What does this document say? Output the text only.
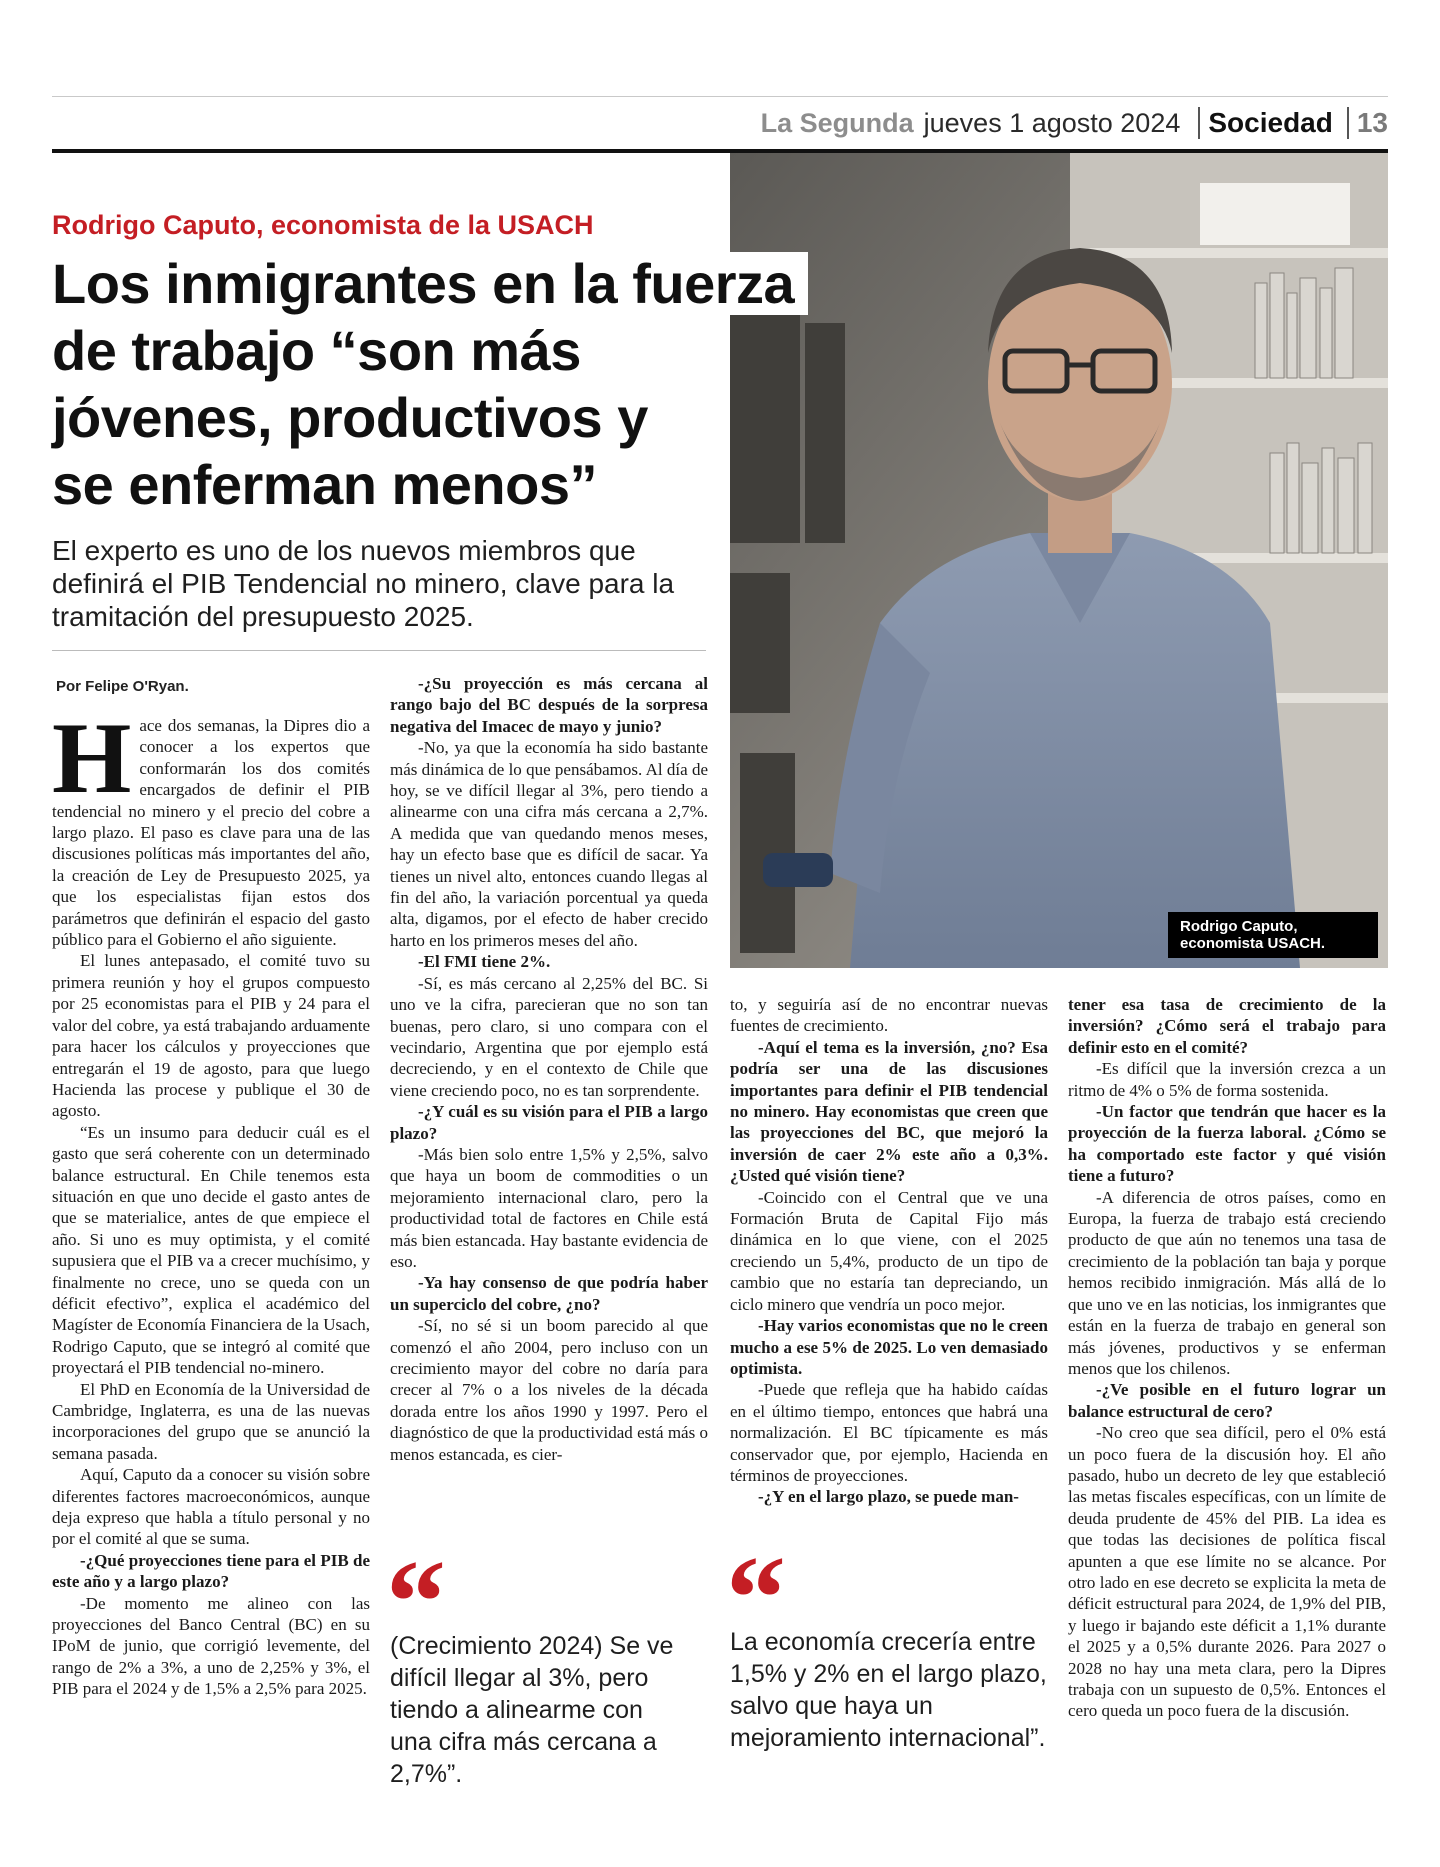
La Segunda jueves 1 agosto 2024 Sociedad 13
Rodrigo Caputo, economista USACH.
Rodrigo Caputo, economista de la USACH
Los inmigrantes en la fuerza
de trabajo “son más
jóvenes, productivos y
se enferman menos”

El experto es uno de los nuevos miembros que definirá el PIB Tendencial no minero, clave para la tramitación del presupuesto 2025.

Por Felipe O'Ryan.

Hace dos semanas, la Dipres dio a conocer a los expertos que conformarán los dos comités encargados de definir el PIB tendencial no minero y el precio del cobre a largo plazo. El paso es clave para una de las discusiones políticas más importantes del año, la creación de Ley de Presupuesto 2025, ya que los especialistas fijan estos dos parámetros que definirán el espacio del gasto público para el Gobierno el año siguiente.

El lunes antepasado, el comité tuvo su primera reunión y hoy el grupos compuesto por 25 economistas para el PIB y 24 para el valor del cobre, ya está trabajando arduamente para hacer los cálculos y proyecciones que entregarán el 19 de agosto, para que luego Hacienda las procese y publique el 30 de agosto.

“Es un insumo para deducir cuál es el gasto que será coherente con un determinado balance estructural. En Chile tenemos esta situación en que uno decide el gasto antes de que se materialice, antes de que empiece el año. Si uno es muy optimista, y el comité supusiera que el PIB va a crecer muchísimo, y finalmente no crece, uno se queda con un déficit efectivo”, explica el académico del Magíster de Economía Financiera de la Usach, Rodrigo Caputo, que se integró al comité que proyectará el PIB tendencial no-minero.

El PhD en Economía de la Universidad de Cambridge, Inglaterra, es una de las nuevas incorporaciones del grupo que se anunció la semana pasada.

Aquí, Caputo da a conocer su visión sobre diferentes factores macroeconómicos, aunque deja expreso que habla a título personal y no por el comité al que se suma.

-¿Qué proyecciones tiene para el PIB de este año y a largo plazo?

-De momento me alineo con las proyecciones del Banco Central (BC) en su IPoM de junio, que corrigió levemente, del rango de 2% a 3%, a uno de 2,25% y 3%, el PIB para el 2024 y de 1,5% a 2,5% para 2025.

-¿Su proyección es más cercana al rango bajo del BC después de la sorpresa negativa del Imacec de mayo y junio?

-No, ya que la economía ha sido bastante más dinámica de lo que pensábamos. Al día de hoy, se ve difícil llegar al 3%, pero tiendo a alinearme con una cifra más cercana a 2,7%. A medida que van quedando menos meses, hay un efecto base que es difícil de sacar. Ya tienes un nivel alto, entonces cuando llegas al fin del año, la variación porcentual ya queda alta, digamos, por el efecto de haber crecido harto en los primeros meses del año.

-El FMI tiene 2%.

-Sí, es más cercano al 2,25% del BC. Si uno ve la cifra, parecieran que no son tan buenas, pero claro, si uno compara con el vecindario, Argentina que por ejemplo está decreciendo, y en el contexto de Chile que viene creciendo poco, no es tan sorprendente.

-¿Y cuál es su visión para el PIB a largo plazo?

-Más bien solo entre 1,5% y 2,5%, salvo que haya un boom de commodities o un mejoramiento internacional claro, pero la productividad total de factores en Chile está más bien estancada. Hay bastante evidencia de eso.

-Ya hay consenso de que podría haber un superciclo del cobre, ¿no?

-Sí, no sé si un boom parecido al que comenzó el año 2004, pero incluso con un crecimiento mayor del cobre no daría para crecer al 7% o a los niveles de la década dorada entre los años 1990 y 1997. Pero el diagnóstico de que la productividad está más o menos estancada, es cier-

“
(Crecimiento 2024) Se ve difícil llegar al 3%, pero tiendo a alinearme con una cifra más cercana a 2,7%”.

to, y seguiría así de no encontrar nuevas fuentes de crecimiento.

-Aquí el tema es la inversión, ¿no? Esa podría ser una de las discusiones importantes para definir el PIB tendencial no minero. Hay economistas que creen que las proyecciones del BC, que mejoró la inversión de caer 2% este año a 0,3%. ¿Usted qué visión tiene?

-Coincido con el Central que ve una Formación Bruta de Capital Fijo más dinámica en lo que viene, con el 2025 creciendo un 5,4%, producto de un tipo de cambio que no estaría tan depreciando, un ciclo minero que vendría un poco mejor.

-Hay varios economistas que no le creen mucho a ese 5% de 2025. Lo ven demasiado optimista.

-Puede que refleja que ha habido caídas en el último tiempo, entonces que habrá una normalización. El BC típicamente es más conservador que, por ejemplo, Hacienda en términos de proyecciones.

-¿Y en el largo plazo, se puede man-

“
La economía crecería entre 1,5% y 2% en el largo plazo, salvo que haya un mejoramiento internacional”.

tener esa tasa de crecimiento de la inversión? ¿Cómo será el trabajo para definir esto en el comité?

-Es difícil que la inversión crezca a un ritmo de 4% o 5% de forma sostenida.

-Un factor que tendrán que hacer es la proyección de la fuerza laboral. ¿Cómo se ha comportado este factor y qué visión tiene a futuro?

-A diferencia de otros países, como en Europa, la fuerza de trabajo está creciendo producto de que aún no tenemos una tasa de crecimiento de la población tan baja y porque hemos recibido inmigración. Más allá de lo que uno ve en las noticias, los inmigrantes que están en la fuerza de trabajo en general son más jóvenes, productivos y se enferman menos que los chilenos.

-¿Ve posible en el futuro lograr un balance estructural de cero?

-No creo que sea difícil, pero el 0% está un poco fuera de la discusión hoy. El año pasado, hubo un decreto de ley que estableció las metas fiscales específicas, con un límite de deuda prudente de 45% del PIB. La idea es que todas las decisiones de política fiscal apunten a que ese límite no se alcance. Por otro lado en ese decreto se explicita la meta de déficit estructural para 2024, de 1,9% del PIB, y luego ir bajando este déficit a 1,1% durante el 2025 y a 0,5% durante 2026. Para 2027 o 2028 no hay una meta clara, pero la Dipres trabaja con un supuesto de 0,5%. Entonces el cero queda un poco fuera de la discusión.
